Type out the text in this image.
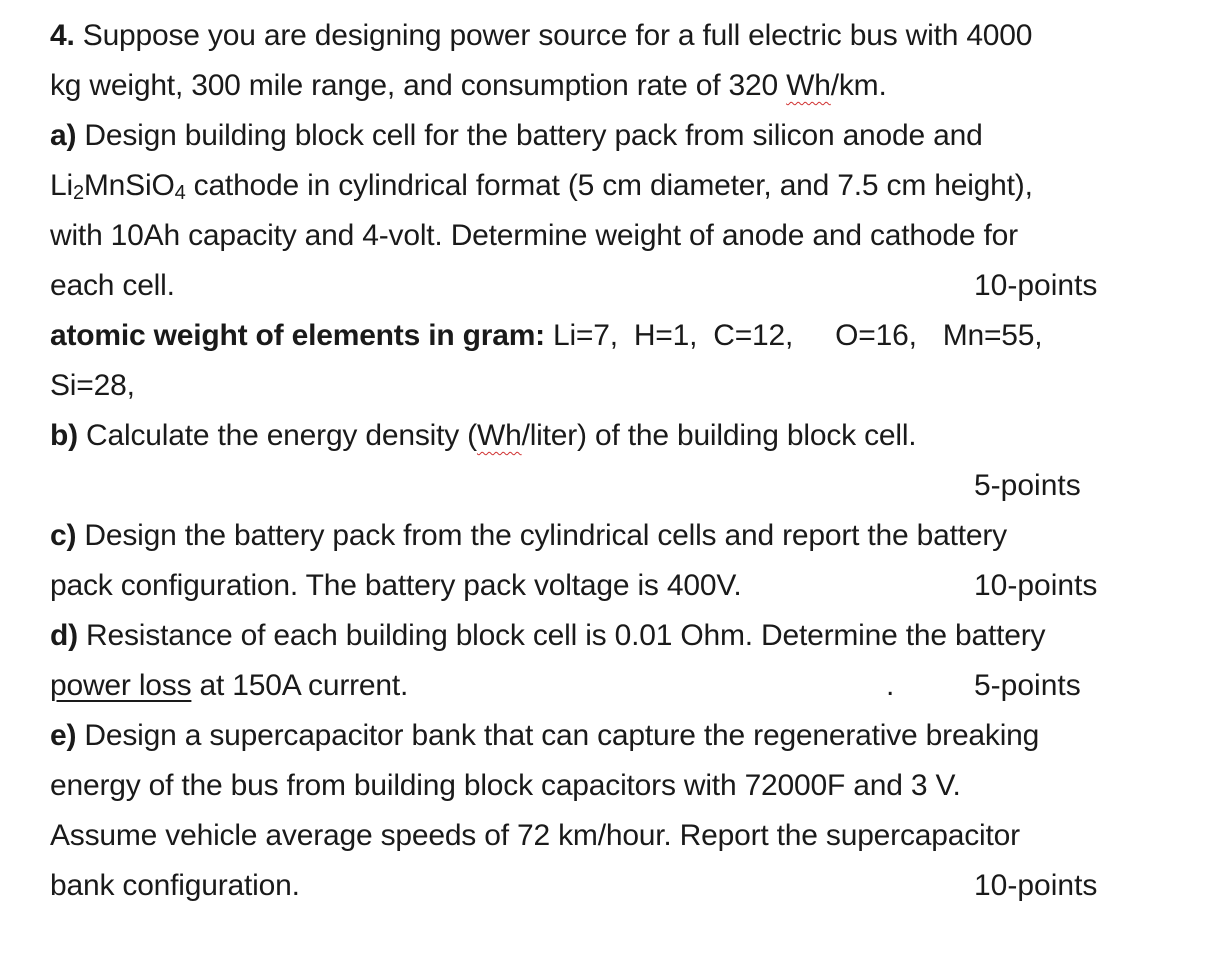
4. Suppose you are designing power source for a full electric bus with 4000
kg weight, 300 mile range, and consumption rate of 320 Wh/km.
a) Design building block cell for the battery pack from silicon anode and
$Li_2MnSiO_4$ cathode in cylindrical format (5 cm diameter, and 7.5 cm height),
with 10Ah capacity and 4-volt. Determine weight of anode and cathode for
each cell.	10-points
atomic weight of elements in gram: Li=7, H=1, C=12, O=16, Mn=55,
Si=28,
b) Calculate the energy density (Wh/liter) of the building block cell.
5-points
c) Design the battery pack from the cylindrical cells and report the battery
pack configuration. The battery pack voltage is 400V.	10-points
d) Resistance of each building block cell is 0.01 Ohm. Determine the battery
power loss at 150A current.	.	5-points
e) Design a supercapacitor bank that can capture the regenerative breaking
energy of the bus from building block capacitors with 72000F and 3 V.
Assume vehicle average speeds of 72 km/hour. Report the supercapacitor
bank configuration.	10-points
